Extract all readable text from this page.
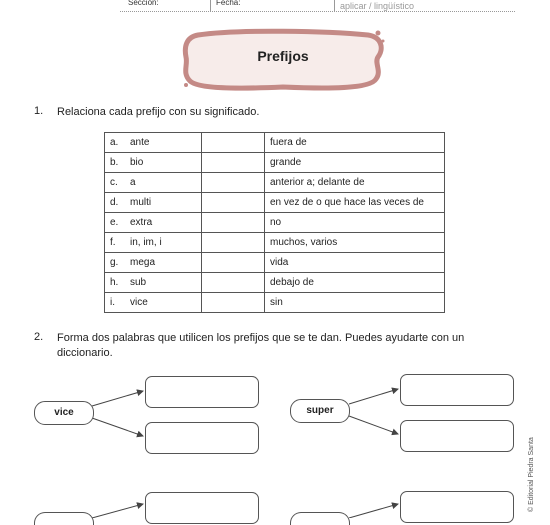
Sección:	Fecha:	aplicar / lingüístico
Prefijos
1. Relaciona cada prefijo con su significado.
a. ante		fuera de
b. bio		grande
c. a		anterior a; delante de
d. multi		en vez de o que hace las veces de
e. extra		no
f. in, im, i		muchos, varios
g. mega		vida
h. sub		debajo de
i. vice		sin
2. Forma dos palabras que utilicen los prefijos que se te dan. Puedes ayudarte con un diccionario.
vice	super
© Editorial Piedra Santa
